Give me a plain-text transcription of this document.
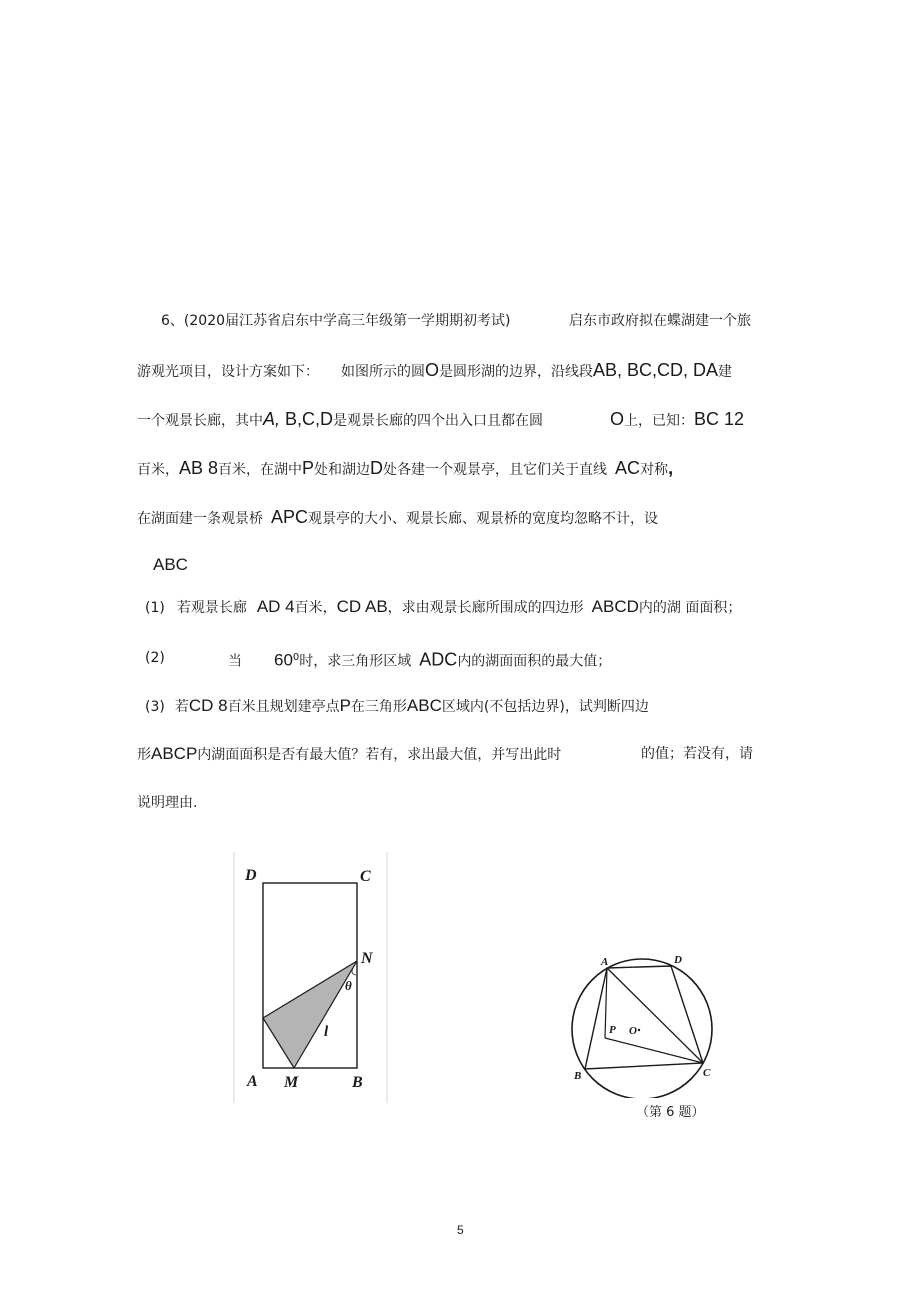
6、(2020届江苏省启东中学高三年级第一学期期初考试)	启东市政府拟在蝶湖建一个旅
游观光项目，设计方案如下： 如图所示的圆O是圆形湖的边界，沿线段AB, BC,CD, DA建
一个观景长廊，其中A, B,C,D是观景长廊的四个出入口且都在圆	O上，已知：BC 12
百米，AB 8百米，在湖中P处和湖边D处各建一个观景亭，且它们关于直线 AC对称,
在湖面建一条观景桥 APC观景亭的大小、观景长廊、观景桥的宽度均忽略不计，设
ABC
(1) 若观景长廊 AD 4百米，CD AB，求由观景长廊所围成的四边形 ABCD内的湖 面面积；
(2)	当 $60^0$时，求三角形区域 ADC内的湖面面积的最大值；
(3) 若CD 8百米且规划建亭点P在三角形ABC区域内(不包括边界)，试判断四边
形ABCP内湖面面积是否有最大值？若有，求出最大值，并写出此时	的值；若没有，请
说明理由.
D	C
N
θ
l
A M	B
A	D
P O
B	C
（第 6 题）
5
